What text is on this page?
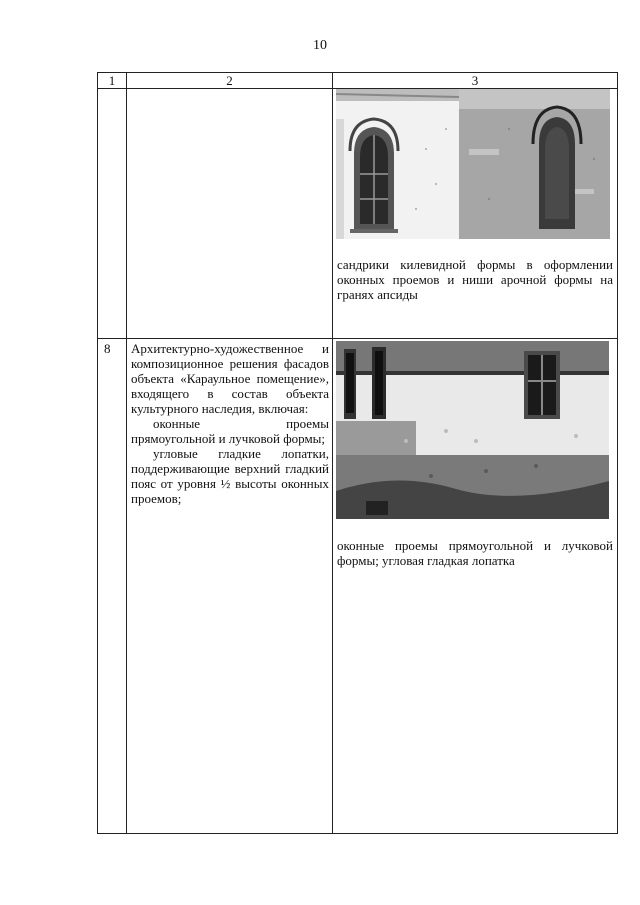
10
1	2	3

		сандрики килевидной формы в оформлении оконных проемов и ниши арочной формы на гранях апсиды

8	Архитектурно-художественное и композиционное решения фасадов объекта «Караульное помещение», входящего в состав объекта культурного наследия, включая:

оконные проемы прямоугольной и лучковой формы;

угловые гладкие лопатки, поддерживающие верхний гладкий пояс от уровня ½ высоты оконных проемов;	оконные проемы прямоугольной и лучковой формы; угловая гладкая лопатка
